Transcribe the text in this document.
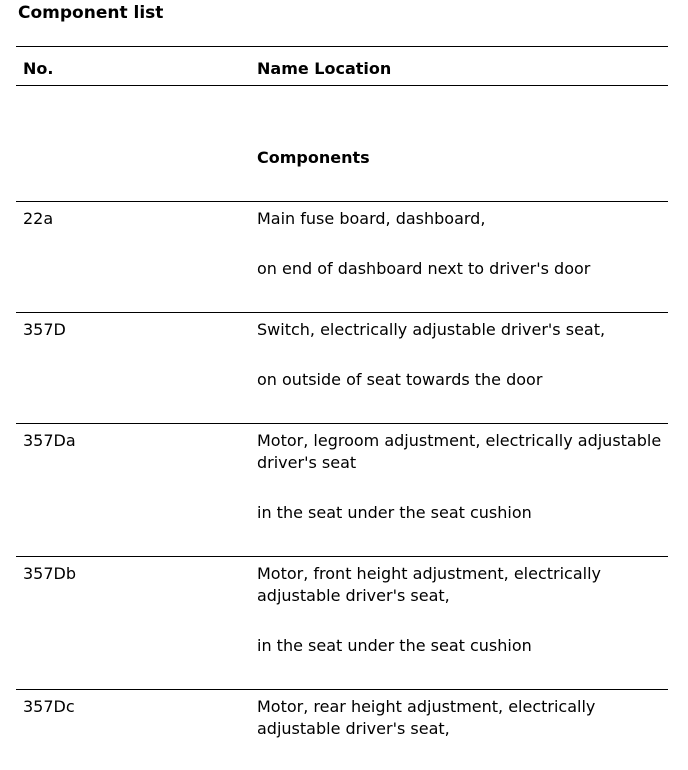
Component list
No.	Name Location
Components
22a	Main fuse board, dashboard,
on end of dashboard next to driver's door
357D	Switch, electrically adjustable driver's seat,
on outside of seat towards the door
357Da	Motor, legroom adjustment, electrically adjustable driver's seat
in the seat under the seat cushion
357Db	Motor, front height adjustment, electrically adjustable driver's seat,
in the seat under the seat cushion
357Dc	Motor, rear height adjustment, electrically adjustable driver's seat,
